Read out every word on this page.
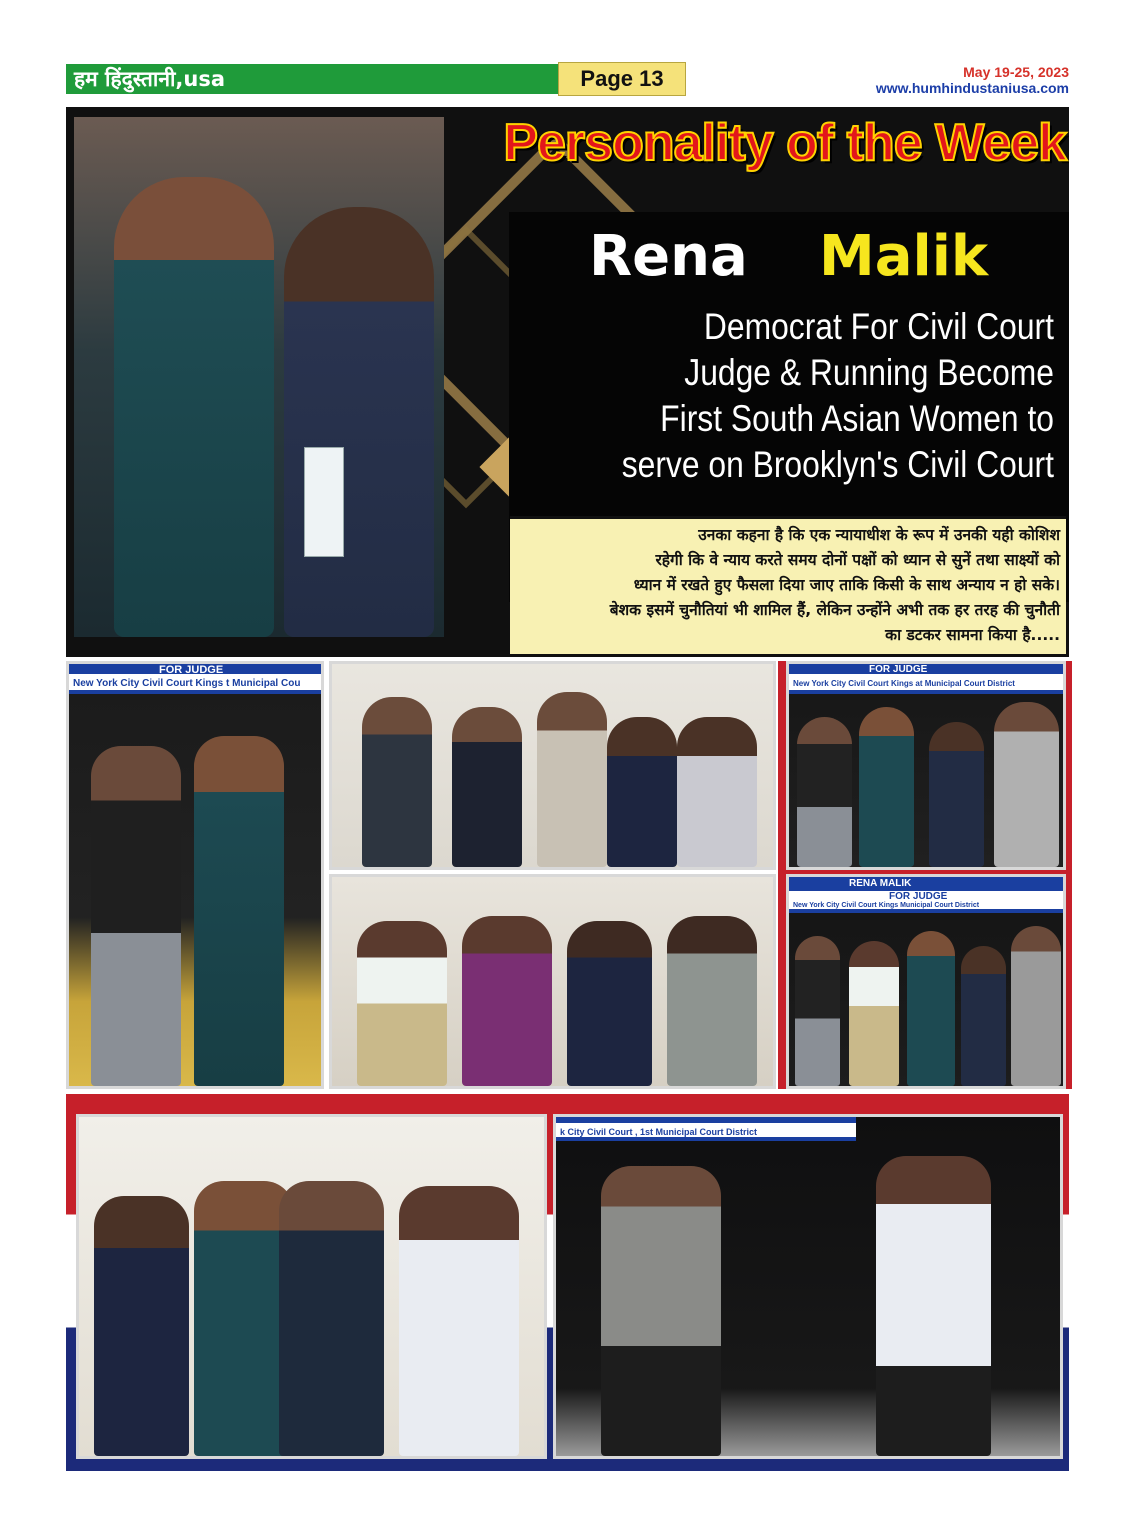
हम हिंदुस्तानी,usa	Page 13	May 19-25, 2023
www.humhindustaniusa.com
Personality of the Week
Rena Malik
Democrat For Civil Court
Judge & Running Become
First South Asian Women to
serve on Brooklyn's Civil Court
उनका कहना है कि एक न्यायाधीश के रूप में उनकी यही कोशिश
रहेगी कि वे न्याय करते समय दोनों पक्षों को ध्यान से सुनें तथा साक्ष्यों को
ध्यान में रखते हुए फैसला दिया जाए ताकि किसी के साथ अन्याय न हो सके।
बेशक इसमें चुनौतियां भी शामिल हैं, लेकिन उन्होंने अभी तक हर तरह की चुनौती
का डटकर सामना किया है.....
FOR JUDGE
New York City Civil Court Kings t Municipal Cou
FOR JUDGE
New York City Civil Court Kings at Municipal Court District
RENA MALIK
FOR JUDGE
New York City Civil Court Kings Municipal Court District
k City Civil Court , 1st Municipal Court District
